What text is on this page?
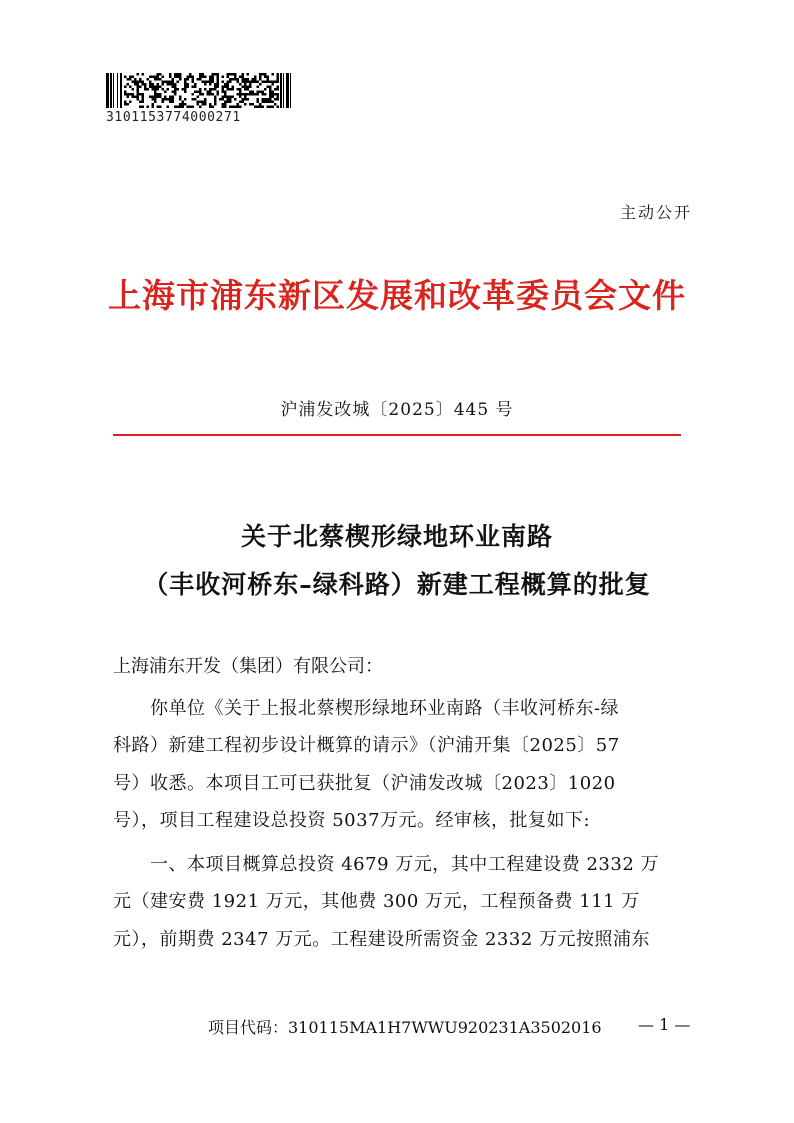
3101153774000271
主动公开
上海市浦东新区发展和改革委员会文件
沪浦发改城〔2025〕445 号
关于北蔡楔形绿地环业南路
（丰收河桥东–绿科路）新建工程概算的批复
上海浦东开发（集团）有限公司：
你单位《关于上报北蔡楔形绿地环业南路（丰收河桥东-绿
科路）新建工程初步设计概算的请示》（沪浦开集〔2025〕57
号）收悉。本项目工可已获批复（沪浦发改城〔2023〕1020
号），项目工程建设总投资 5037万元。经审核，批复如下:
一、本项目概算总投资 4679 万元，其中工程建设费 2332 万
元（建安费 1921 万元，其他费 300 万元，工程预备费 111 万
元），前期费 2347 万元。工程建设所需资金 2332 万元按照浦东
项目代码：310115MA1H7WWU920231A3502016 — 1 —
